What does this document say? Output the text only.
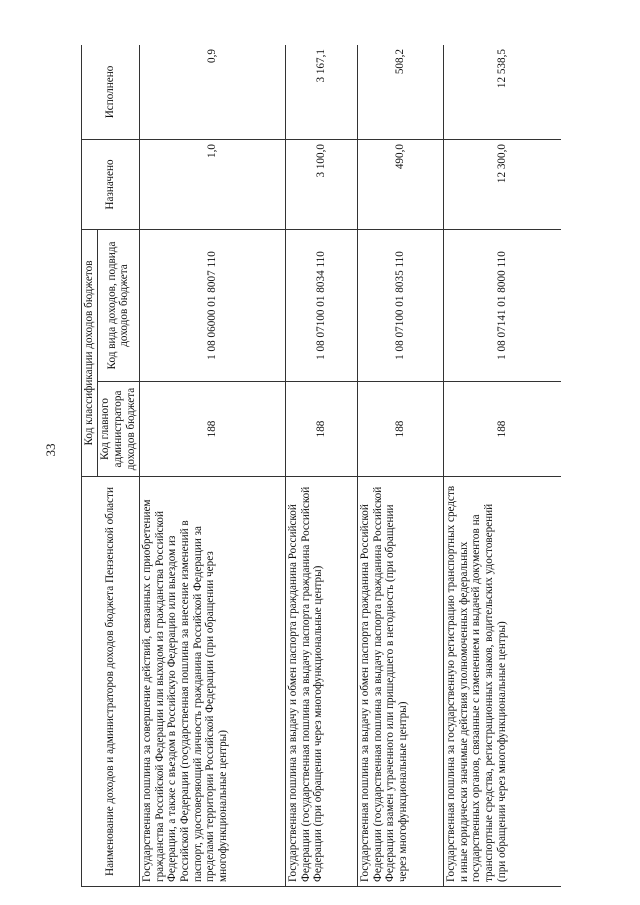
33
Наименование доходов и администраторов доходов бюджета Пензенской области	Код классификации доходов бюджетов		Назначено	Исполнено
	Код главного администратора доходов бюджета	Код вида доходов, подвида доходов бюджета		
Государственная пошлина за совершение действий, связанных с приобретением гражданства Российской Федерации или выходом из гражданства Российской Федерации, а также с въездом в Российскую Федерацию или выездом из Российской Федерации (государственная пошлина за внесение изменений в паспорт, удостоверяющий личность гражданина Российской Федерации за пределами территории Российской Федерации (при обращении через многофункциональные центры)	188	1 08 06000 01 8007 110	1,0	0,9
Государственная пошлина за выдачу и обмен паспорта гражданина Российской Федерации (государственная пошлина за выдачу паспорта гражданина Российской Федерации (при обращении через многофункциональные центры)	188	1 08 07100 01 8034 110	3 100,0	3 167,1
Государственная пошлина за выдачу и обмен паспорта гражданина Российской Федерации (государственная пошлина за выдачу паспорта гражданина Российской Федерации взамен утраченного или пришедшего в негодность (при обращении через многофункциональные центры)	188	1 08 07100 01 8035 110	490,0	508,2
Государственная пошлина за государственную регистрацию транспортных средств и иные юридически значимые действия уполномоченных федеральных государственных органов, связанные с изменением и выдачей документов на транспортные средства, регистрационных знаков, водительских удостоверений (при обращении через многофункциональные центры)	188	1 08 07141 01 8000 110	12 300,0	12 538,5
